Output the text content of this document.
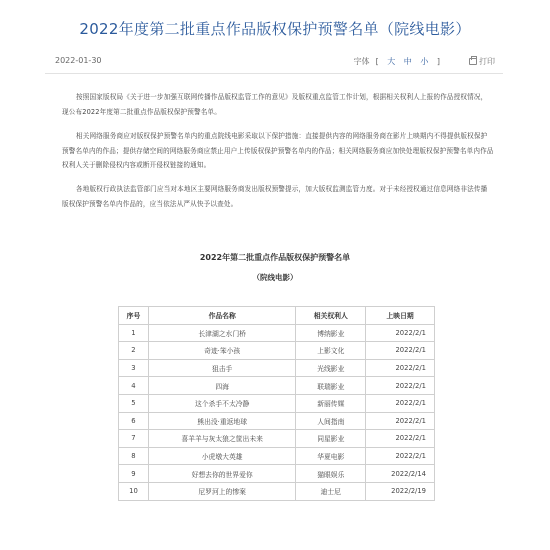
2022年度第二批重点作品版权保护预警名单（院线电影）
2022-01-30	字体 [ 大 中 小 ]	打印

按照国家版权局《关于进一步加强互联网传播作品版权监管工作的意见》及版权重点监管工作计划，根据相关权利人上报的作品授权情况，现公布2022年度第二批重点作品版权保护预警名单。

相关网络服务商应对版权保护预警名单内的重点院线电影采取以下保护措施：直接提供内容的网络服务商在影片上映期内不得提供版权保护预警名单内的作品；提供存储空间的网络服务商应禁止用户上传版权保护预警名单内的作品；相关网络服务商应加快处理版权保护预警名单内作品权利人关于删除侵权内容或断开侵权链接的通知。

各地版权行政执法监管部门应当对本地区主要网络服务商发出版权预警提示，加大版权监测监管力度。对于未经授权通过信息网络非法传播版权保护预警名单内作品的，应当依法从严从快予以查处。

2022年第二批重点作品版权保护预警名单
（院线电影）
序号	作品名称	相关权利人	上映日期
1	长津湖之水门桥	博纳影业	2022/2/1
2	奇迹·笨小孩	上影文化	2022/2/1
3	狙击手	光线影业	2022/2/1
4	四海	联瑞影业	2022/2/1
5	这个杀手不太冷静	新丽传媒	2022/2/1
6	熊出没·重返地球	人间指南	2022/2/1
7	喜羊羊与灰太狼之筐出未来	同星影业	2022/2/1
8	小虎墩大英雄	华夏电影	2022/2/1
9	好想去你的世界爱你	猫眼娱乐	2022/2/14
10	尼罗河上的惨案	迪士尼	2022/2/19
